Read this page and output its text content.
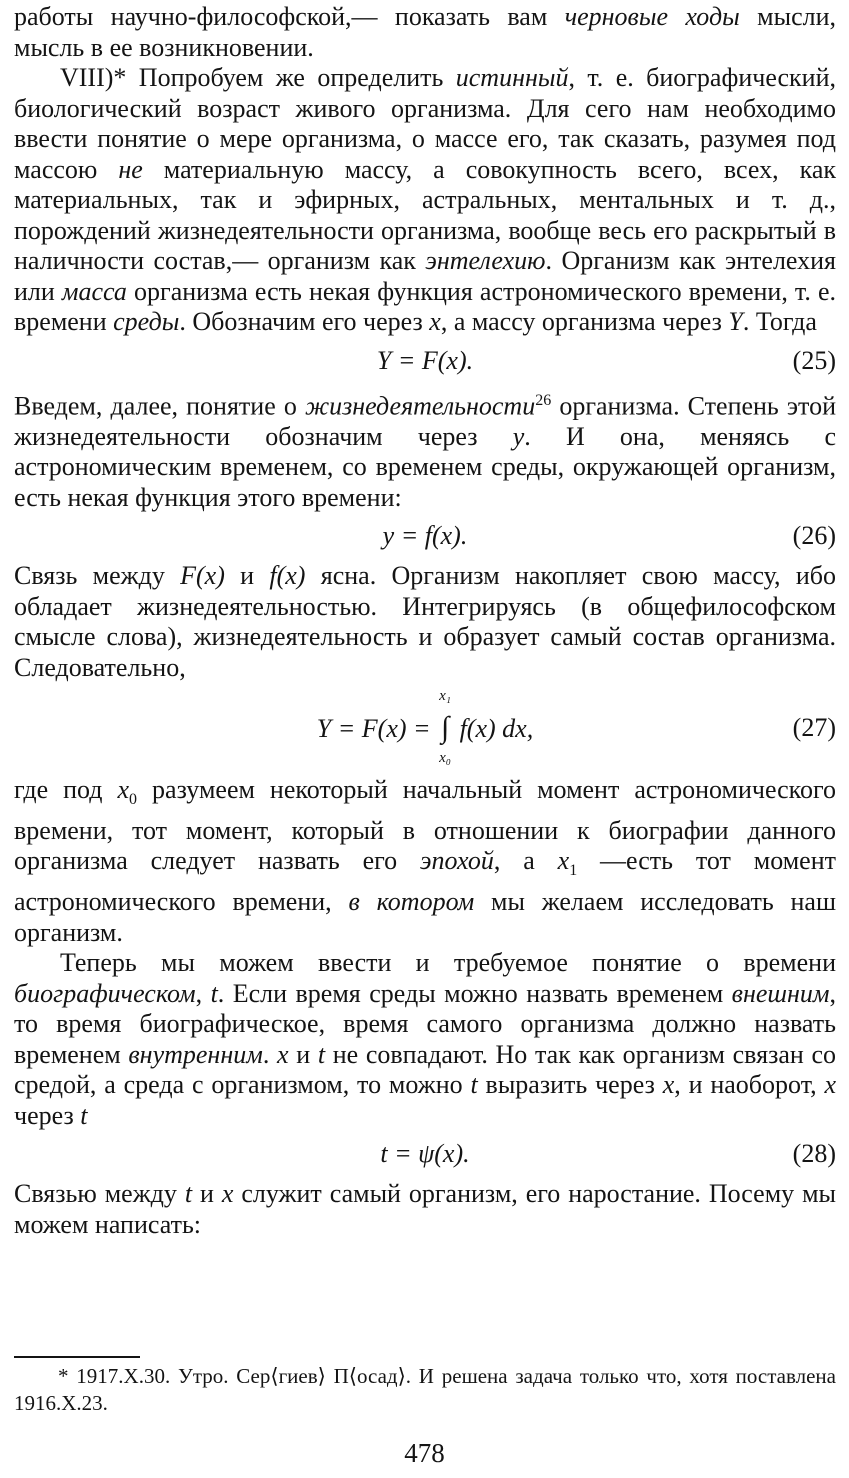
работы научно-философской,— показать вам черновые ходы мысли, мысль в ее возникновении.

VIII)* Попробуем же определить истинный, т. е. биографический, биологический возраст живого организма. Для сего нам необходимо ввести понятие о мере организма, о массе его, так сказать, разумея под массою не материальную массу, а совокупность всего, всех, как материальных, так и эфирных, астральных, ментальных и т. д., порождений жизнедеятельности организма, вообще весь его раскрытый в наличности состав,— организм как энтелехию. Организм как энтелехия или масса организма есть некая функция астрономического времени, т. е. времени среды. Обозначим его через x, а массу организма через Y. Тогда

Y = F(x).	(25)

Введем, далее, понятие о жизнедеятельности$^{26}$ организма. Степень этой жизнедеятельности обозначим через y. И она, меняясь с астрономическим временем, со временем среды, окружающей организм, есть некая функция этого времени:

y = f(x).	(26)

Связь между F(x) и f(x) ясна. Организм накопляет свою массу, ибо обладает жизнедеятельностью. Интегрируясь (в общефилософском смысле слова), жизнедеятельность и образует самый состав организма. Следовательно,

Y = F(x) = ∫
x₁
x₀
f(x) dx,	(27)

где под $x_0$ разумеем некоторый начальный момент астрономического времени, тот момент, который в отношении к биографии данного организма следует назвать его эпохой, а $x_1$ —есть тот момент астрономического времени, в котором мы желаем исследовать наш организм.

Теперь мы можем ввести и требуемое понятие о времени биографическом, t. Если время среды можно назвать временем внешним, то время биографическое, время самого организма должно назвать временем внутренним. x и t не совпадают. Но так как организм связан со средой, а среда с организмом, то можно t выразить через x, и наоборот, x через t

t = ψ(x).	(28)

Связью между t и x служит самый организм, его наростание. Посему мы можем написать:

* 1917.X.30. Утро. Сер⟨гиев⟩ П⟨осад⟩. И решена задача только что, хотя поставлена 1916.X.23.
478
